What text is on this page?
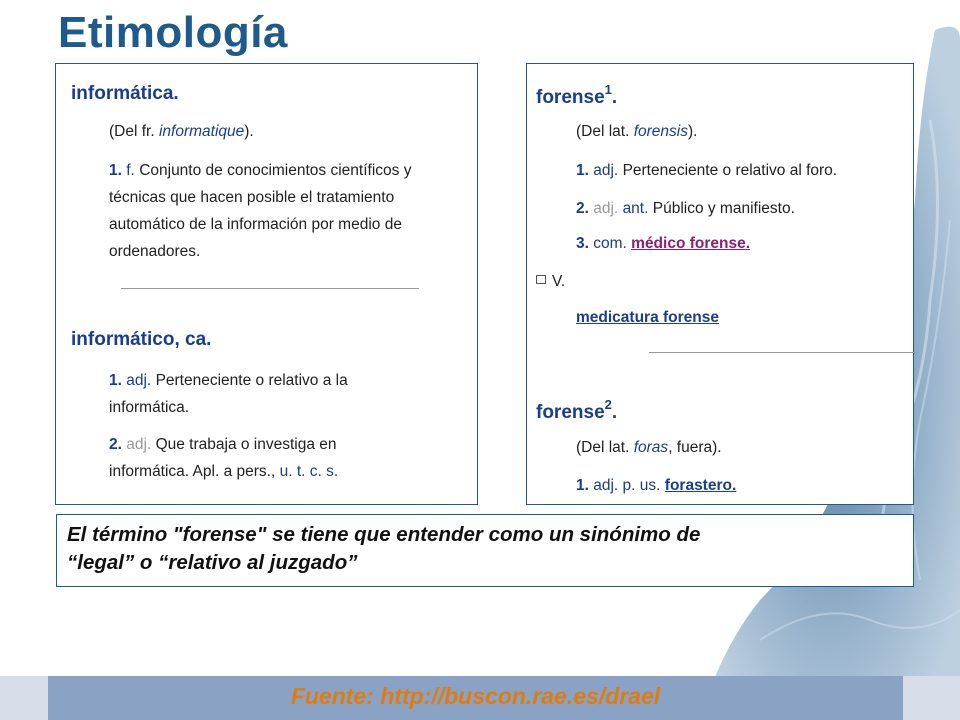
Etimología
informática.
(Del fr. informatique).
1. f. Conjunto de conocimientos científicos y
técnicas que hacen posible el tratamiento
automático de la información por medio de
ordenadores.
informático, ca.
1. adj. Perteneciente o relativo a la
informática.
2. adj. Que trabaja o investiga en
informática. Apl. a pers., u. t. c. s.
forense$^1$.
(Del lat. forensis).
1. adj. Perteneciente o relativo al foro.
2. adj. ant. Público y manifiesto.
3. com. médico forense.
V.
medicatura forense
forense$^2$.
(Del lat. foras, fuera).
1. adj. p. us. forastero.

El término "forense" se tiene que entender como un sinónimo de
“legal” o “relativo al juzgado”

Fuente: http://buscon.rae.es/drael
